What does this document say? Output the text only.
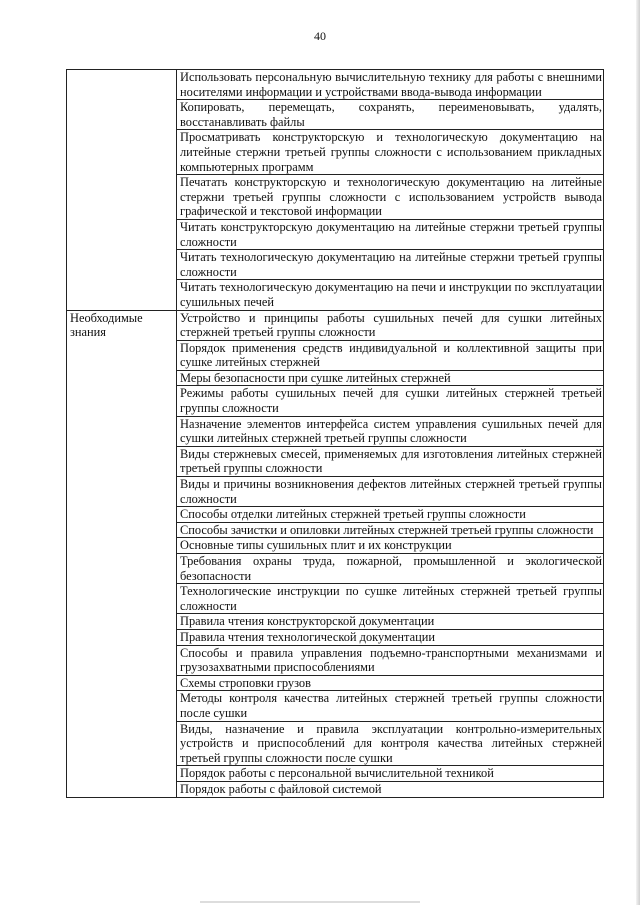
40
	Использовать персональную вычислительную технику для работы с внешними носителями информации и устройствами ввода-вывода информации
	Копировать, перемещать, сохранять, переименовывать, удалять, восстанавливать файлы
	Просматривать конструкторскую и технологическую документацию на литейные стержни третьей группы сложности с использованием прикладных компьютерных программ
	Печатать конструкторскую и технологическую документацию на литейные стержни третьей группы сложности с использованием устройств вывода графической и текстовой информации
	Читать конструкторскую документацию на литейные стержни третьей группы сложности
	Читать технологическую документацию на литейные стержни третьей группы сложности
	Читать технологическую документацию на печи и инструкции по эксплуатации сушильных печей
Необходимые знания	Устройство и принципы работы сушильных печей для сушки литейных стержней третьей группы сложности
	Порядок применения средств индивидуальной и коллективной защиты при сушке литейных стержней
	Меры безопасности при сушке литейных стержней
	Режимы работы сушильных печей для сушки литейных стержней третьей группы сложности
	Назначение элементов интерфейса систем управления сушильных печей для сушки литейных стержней третьей группы сложности
	Виды стержневых смесей, применяемых для изготовления литейных стержней третьей группы сложности
	Виды и причины возникновения дефектов литейных стержней третьей группы сложности
	Способы отделки литейных стержней третьей группы сложности
	Способы зачистки и опиловки литейных стержней третьей группы сложности
	Основные типы сушильных плит и их конструкции
	Требования охраны труда, пожарной, промышленной и экологической безопасности
	Технологические инструкции по сушке литейных стержней третьей группы сложности
	Правила чтения конструкторской документации
	Правила чтения технологической документации
	Способы и правила управления подъемно-транспортными механизмами и грузозахватными приспособлениями
	Схемы строповки грузов
	Методы контроля качества литейных стержней третьей группы сложности после сушки
	Виды, назначение и правила эксплуатации контрольно-измерительных устройств и приспособлений для контроля качества литейных стержней третьей группы сложности после сушки
	Порядок работы с персональной вычислительной техникой
	Порядок работы с файловой системой
